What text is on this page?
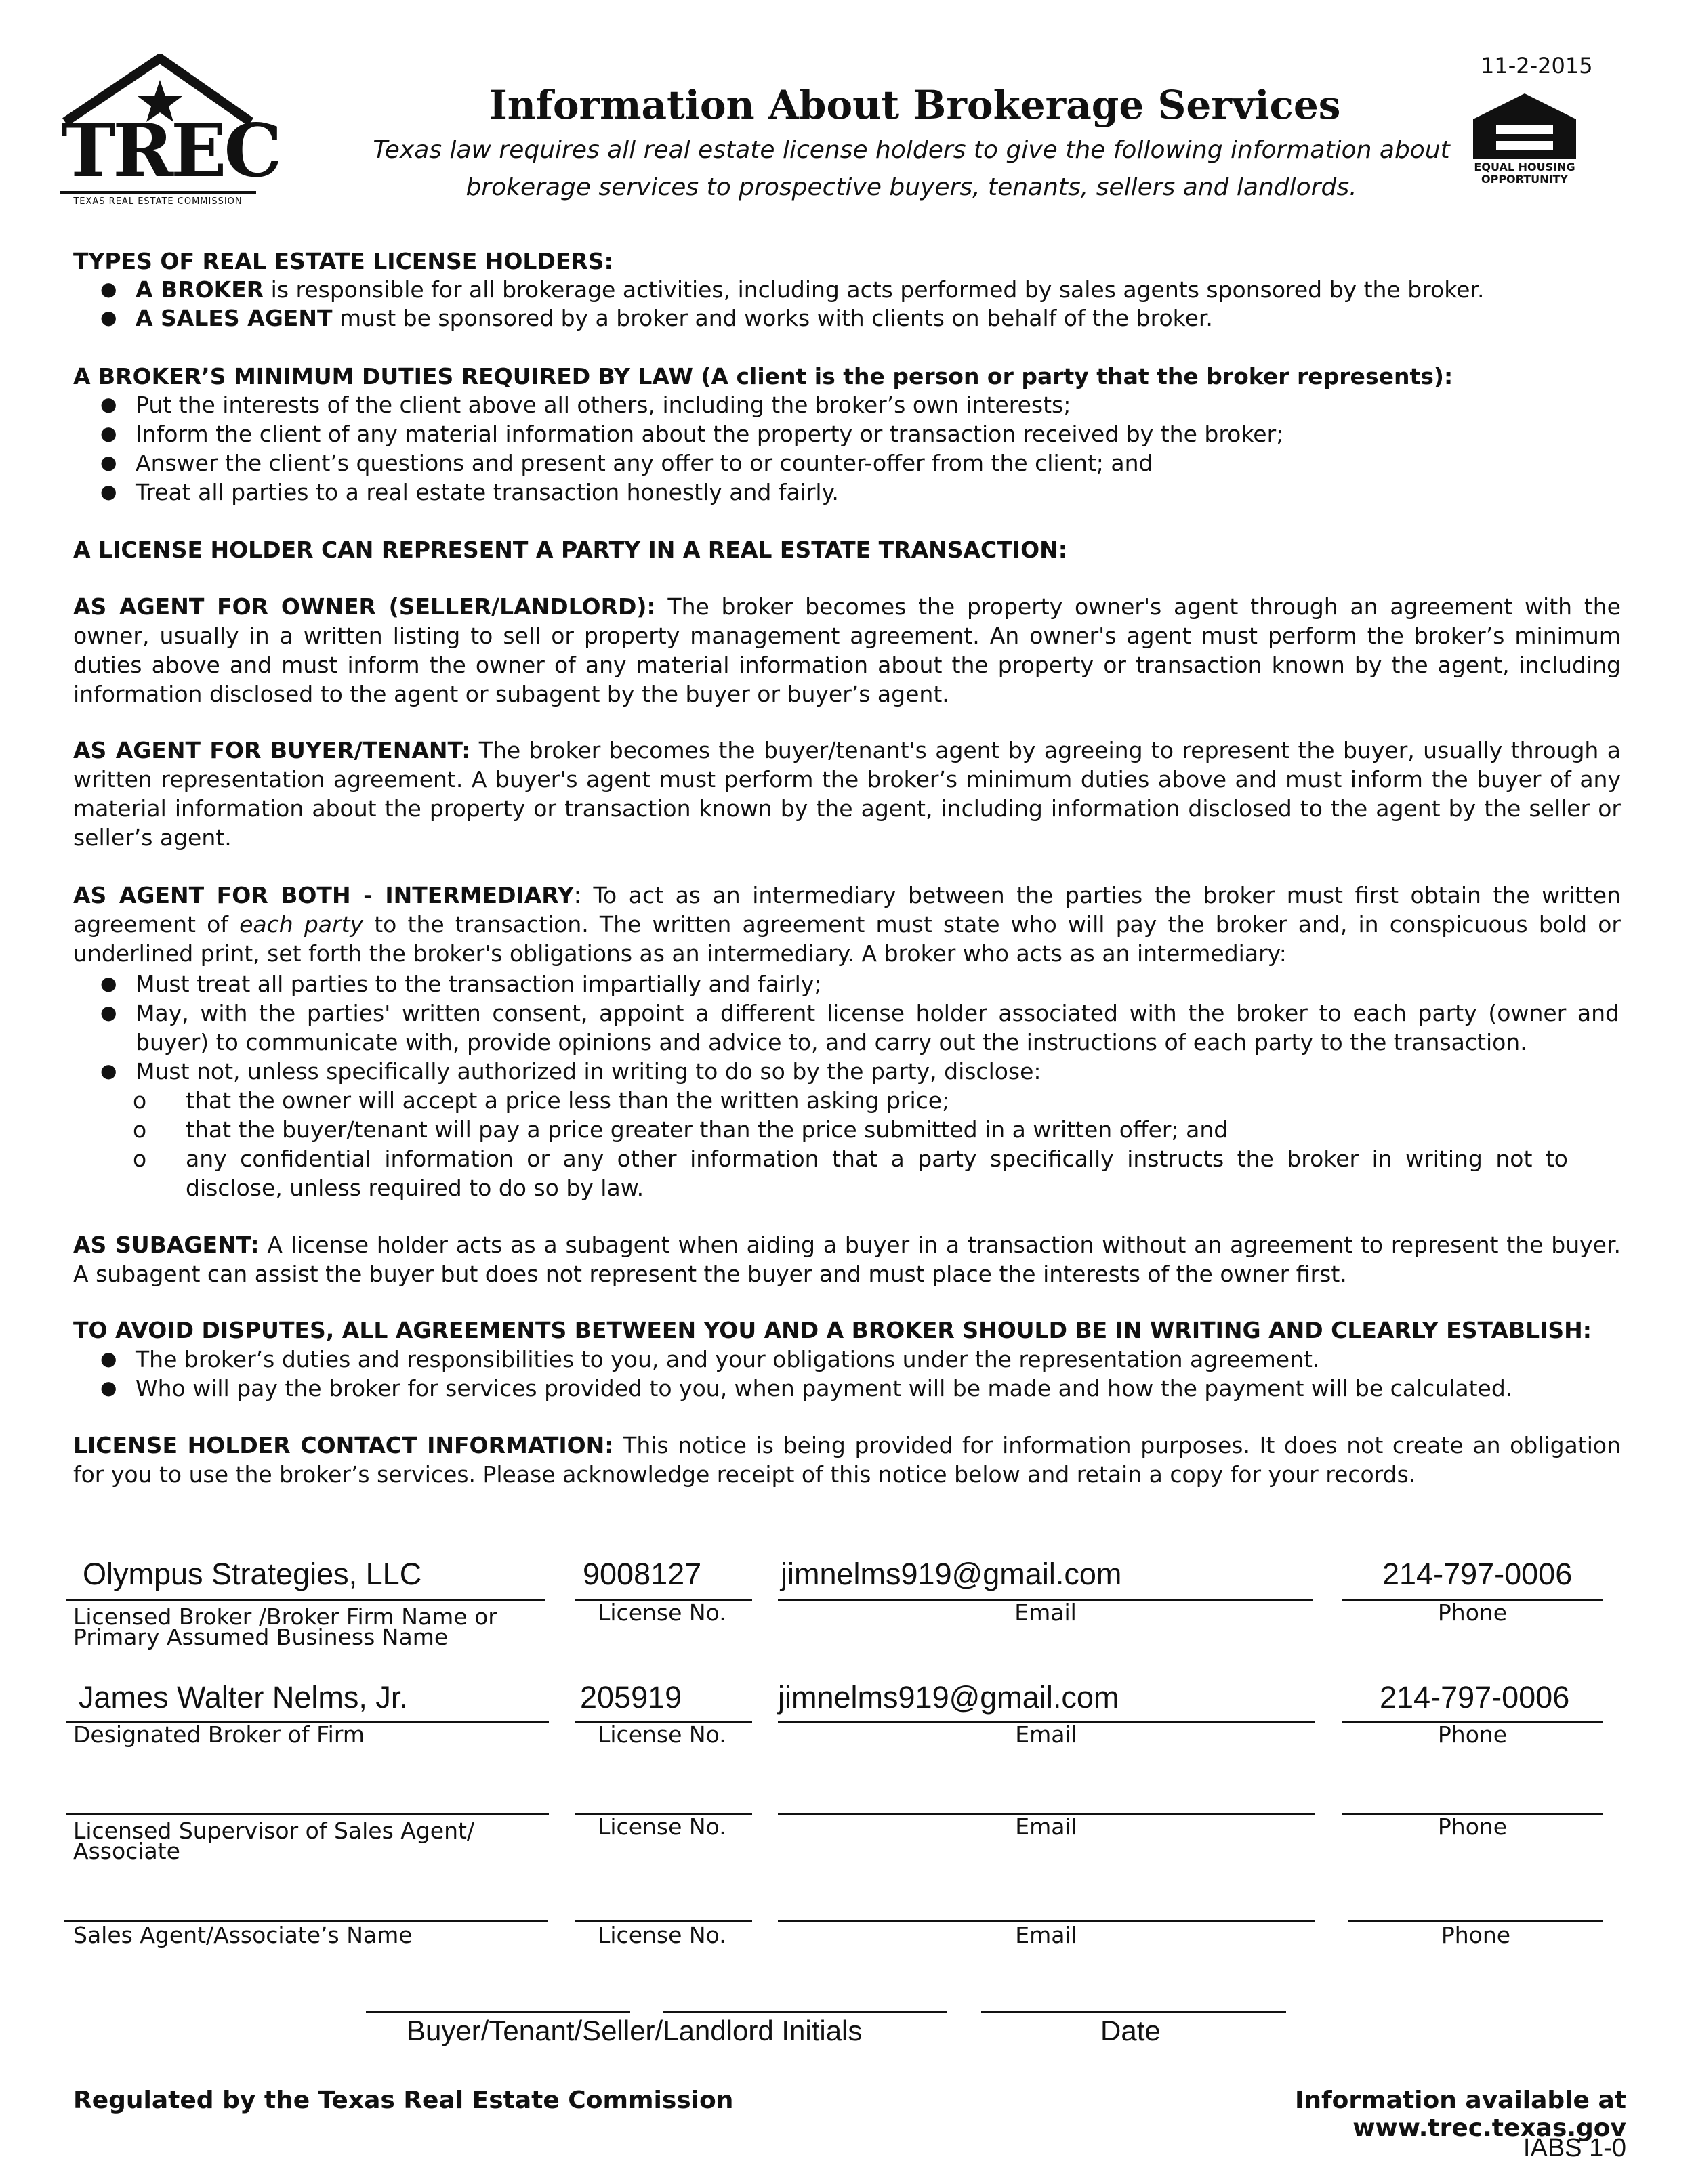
TREC
TEXAS REAL ESTATE COMMISSION
11-2-2015
Information About Brokerage Services
Texas law requires all real estate license holders to give the following information about
brokerage services to prospective buyers, tenants, sellers and landlords.
EQUAL HOUSING
OPPORTUNITY
TYPES OF REAL ESTATE LICENSE HOLDERS:
● A BROKER is responsible for all brokerage activities, including acts performed by sales agents sponsored by the broker.
● A SALES AGENT must be sponsored by a broker and works with clients on behalf of the broker.
A BROKER’S MINIMUM DUTIES REQUIRED BY LAW (A client is the person or party that the broker represents):
● Put the interests of the client above all others, including the broker’s own interests;
● Inform the client of any material information about the property or transaction received by the broker;
● Answer the client’s questions and present any offer to or counter-offer from the client; and
● Treat all parties to a real estate transaction honestly and fairly.
A LICENSE HOLDER CAN REPRESENT A PARTY IN A REAL ESTATE TRANSACTION:
AS AGENT FOR OWNER (SELLER/LANDLORD): The broker becomes the property owner's agent through an agreement with the owner, usually in a written listing to sell or property management agreement. An owner's agent must perform the broker’s minimum duties above and must inform the owner of any material information about the property or transaction known by the agent, including information disclosed to the agent or subagent by the buyer or buyer’s agent.
AS AGENT FOR BUYER/TENANT: The broker becomes the buyer/tenant's agent by agreeing to represent the buyer, usually through a written representation agreement. A buyer's agent must perform the broker’s minimum duties above and must inform the buyer of any material information about the property or transaction known by the agent, including information disclosed to the agent by the seller or seller’s agent.
AS AGENT FOR BOTH - INTERMEDIARY: To act as an intermediary between the parties the broker must first obtain the written agreement of each party to the transaction. The written agreement must state who will pay the broker and, in conspicuous bold or underlined print, set forth the broker's obligations as an intermediary. A broker who acts as an intermediary:
● Must treat all parties to the transaction impartially and fairly;
● May, with the parties' written consent, appoint a different license holder associated with the broker to each party (owner and buyer) to communicate with, provide opinions and advice to, and carry out the instructions of each party to the transaction.
● Must not, unless specifically authorized in writing to do so by the party, disclose:
o that the owner will accept a price less than the written asking price;
o that the buyer/tenant will pay a price greater than the price submitted in a written offer; and
o any confidential information or any other information that a party specifically instructs the broker in writing not to disclose, unless required to do so by law.
AS SUBAGENT: A license holder acts as a subagent when aiding a buyer in a transaction without an agreement to represent the buyer. A subagent can assist the buyer but does not represent the buyer and must place the interests of the owner first.
TO AVOID DISPUTES, ALL AGREEMENTS BETWEEN YOU AND A BROKER SHOULD BE IN WRITING AND CLEARLY ESTABLISH:
● The broker’s duties and responsibilities to you, and your obligations under the representation agreement.
● Who will pay the broker for services provided to you, when payment will be made and how the payment will be calculated.
LICENSE HOLDER CONTACT INFORMATION: This notice is being provided for information purposes. It does not create an obligation for you to use the broker’s services. Please acknowledge receipt of this notice below and retain a copy for your records.
Olympus Strategies, LLC	9008127	jimnelms919@gmail.com	214-797-0006
Licensed Broker /Broker Firm Name or Primary Assumed Business Name
License No.	Email	Phone
James Walter Nelms, Jr.	205919	jimnelms919@gmail.com	214-797-0006
Designated Broker of Firm	License No.	Email	Phone
Licensed Supervisor of Sales Agent/ Associate
License No.	Email	Phone
Sales Agent/Associate’s Name	License No.	Email	Phone
Buyer/Tenant/Seller/Landlord Initials	Date
Regulated by the Texas Real Estate Commission	Information available at www.trec.texas.gov
IABS 1-0
